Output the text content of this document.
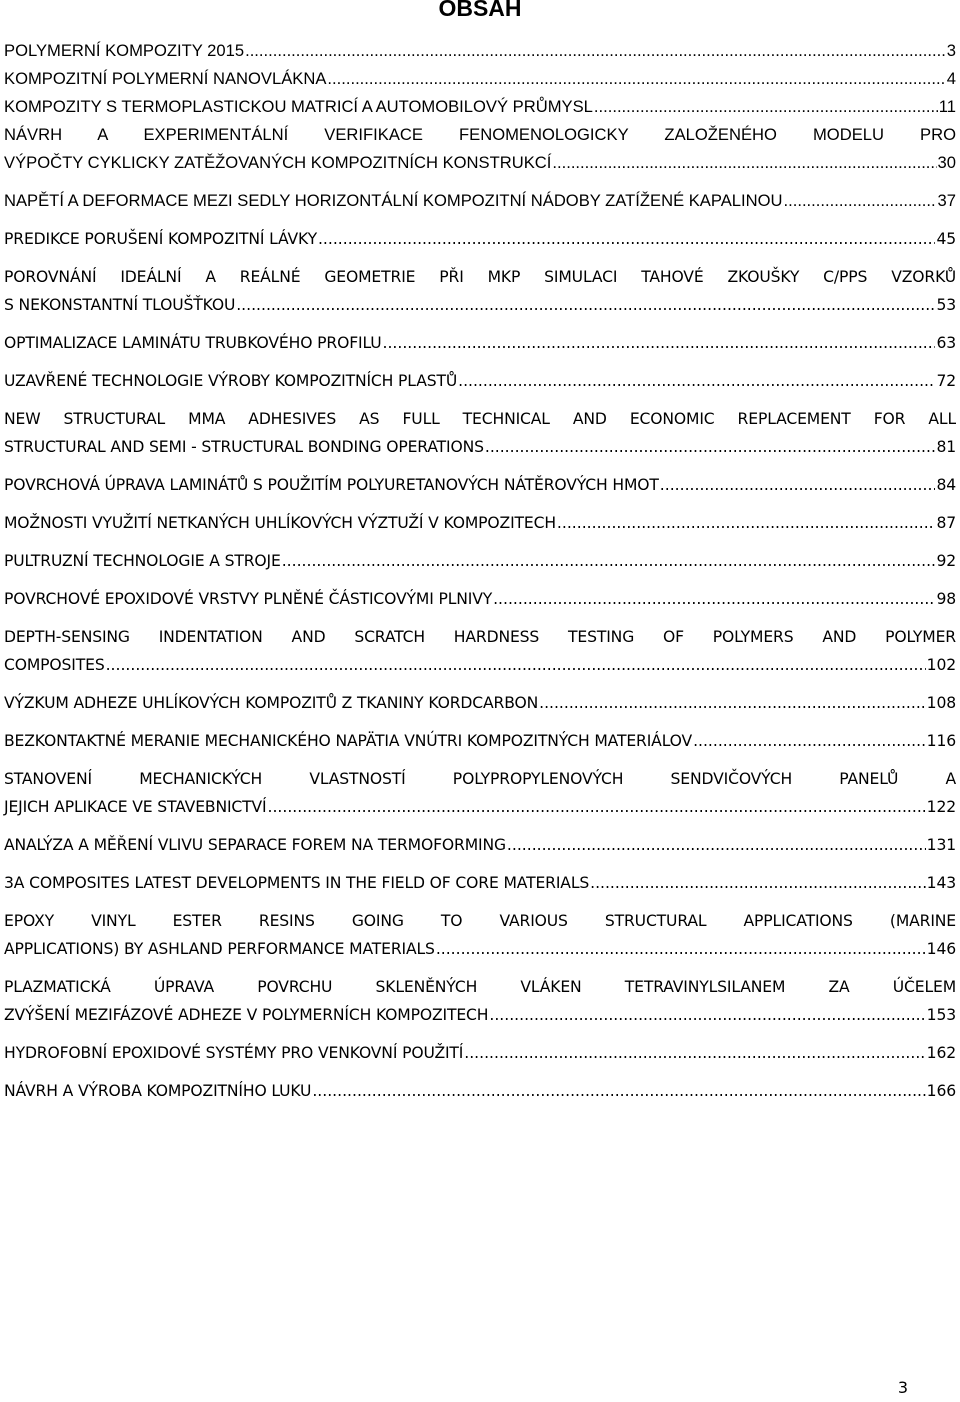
OBSAH
POLYMERNÍ KOMPOZITY 2015 .....	3
KOMPOZITNÍ POLYMERNÍ NANOVLÁKNA .....	4
KOMPOZITY S TERMOPLASTICKOU MATRICÍ A AUTOMOBILOVÝ PRŮMYSL .....	11
NÁVRH A EXPERIMENTÁLNÍ VERIFIKACE FENOMENOLOGICKY ZALOŽENÉHO MODELU PRO
VÝPOČTY CYKLICKY ZATĚŽOVANÝCH KOMPOZITNÍCH KONSTRUKCÍ .....	30
NAPĚTÍ A DEFORMACE MEZI SEDLY HORIZONTÁLNÍ KOMPOZITNÍ NÁDOBY ZATÍŽENÉ KAPALINOU .....	37
PREDIKCE PORUŠENÍ KOMPOZITNÍ LÁVKY .....	45
POROVNÁNÍ IDEÁLNÍ A REÁLNÉ GEOMETRIE PŘI MKP SIMULACI TAHOVÉ ZKOUŠKY C/PPS VZORKŮ
S NEKONSTANTNÍ TLOUŠŤKOU .....	53
OPTIMALIZACE LAMINÁTU TRUBKOVÉHO PROFILU .....	63
UZAVŘENÉ TECHNOLOGIE VÝROBY KOMPOZITNÍCH PLASTŮ .....	72
NEW STRUCTURAL MMA ADHESIVES AS FULL TECHNICAL AND ECONOMIC REPLACEMENT FOR ALL
STRUCTURAL AND SEMI - STRUCTURAL BONDING OPERATIONS .....	81
POVRCHOVÁ ÚPRAVA LAMINÁTŮ S POUŽITÍM POLYURETANOVÝCH NÁTĚROVÝCH HMOT .....	84
MOŽNOSTI VYUŽITÍ NETKANÝCH UHLÍKOVÝCH VÝZTUŽÍ V KOMPOZITECH .....	87
PULTRUZNÍ TECHNOLOGIE A STROJE .....	92
POVRCHOVÉ EPOXIDOVÉ VRSTVY PLNĚNÉ ČÁSTICOVÝMI PLNIVY .....	98
DEPTH-SENSING INDENTATION AND SCRATCH HARDNESS TESTING OF POLYMERS AND POLYMER
COMPOSITES .....	102
VÝZKUM ADHEZE UHLÍKOVÝCH KOMPOZITŮ Z TKANINY KORDCARBON .....	108
BEZKONTAKTNÉ MERANIE MECHANICKÉHO NAPÄTIA VNÚTRI KOMPOZITNÝCH MATERIÁLOV .....	116
STANOVENÍ MECHANICKÝCH VLASTNOSTÍ POLYPROPYLENOVÝCH SENDVIČOVÝCH PANELŮ A
JEJICH APLIKACE VE STAVEBNICTVÍ .....	122
ANALÝZA A MĚŘENÍ VLIVU SEPARACE FOREM NA TERMOFORMING .....	131
3A COMPOSITES LATEST DEVELOPMENTS IN THE FIELD OF CORE MATERIALS .....	143
EPOXY VINYL ESTER RESINS GOING TO VARIOUS STRUCTURAL APPLICATIONS (MARINE
APPLICATIONS) BY ASHLAND PERFORMANCE MATERIALS .....	146
PLAZMATICKÁ ÚPRAVA POVRCHU SKLENĚNÝCH VLÁKEN TETRAVINYLSILANEM ZA ÚČELEM
ZVÝŠENÍ MEZIFÁZOVÉ ADHEZE V POLYMERNÍCH KOMPOZITECH .....	153
HYDROFOBNÍ EPOXIDOVÉ SYSTÉMY PRO VENKOVNÍ POUŽITÍ .....	162
NÁVRH A VÝROBA KOMPOZITNÍHO LUKU .....	166
3
